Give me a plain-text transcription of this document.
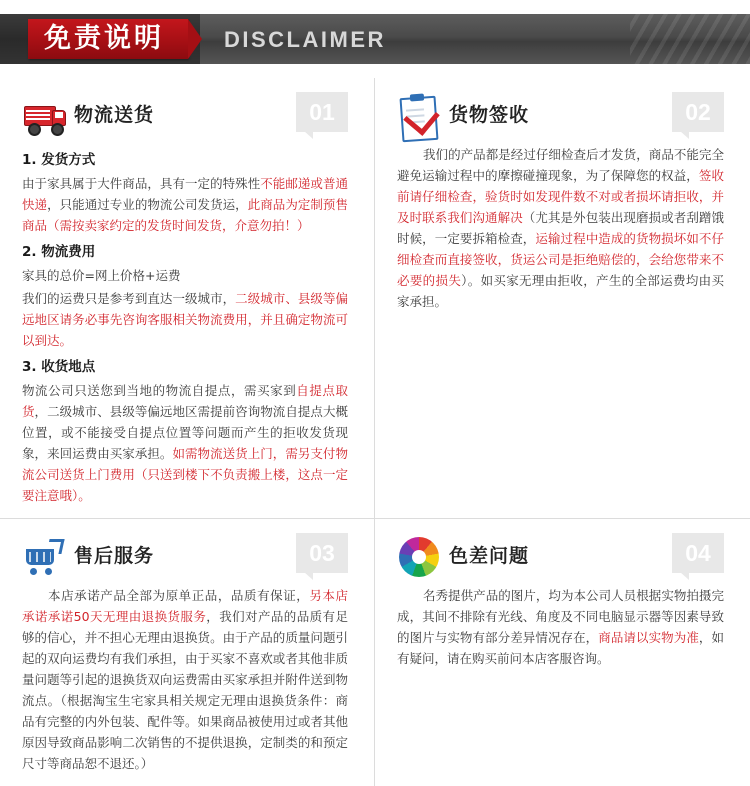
免责说明	DISCLAIMER
物流送货	01
1. 发货方式

由于家具属于大件商品，具有一定的特殊性不能邮递或普通快递，只能通过专业的物流公司发货运，此商品为定制预售商品（需按卖家约定的发货时间发货，介意勿拍！）

2. 物流费用

家具的总价=网上价格+运费

我们的运费只是参考到直达一级城市，二级城市、县级等偏远地区请务必事先咨询客服相关物流费用，并且确定物流可以到达。

3. 收货地点

物流公司只送您到当地的物流自提点，需买家到自提点取货，二级城市、县级等偏远地区需提前咨询物流自提点大概位置，或不能接受自提点位置等问题而产生的拒收发货现象，来回运费由买家承担。如需物流送货上门，需另支付物流公司送货上门费用（只送到楼下不负责搬上楼，这点一定要注意哦）。

货物签收	02

我们的产品都是经过仔细检查后才发货，商品不能完全避免运输过程中的摩擦碰撞现象，为了保障您的权益，签收前请仔细检查，验货时如发现件数不对或者损坏请拒收，并及时联系我们沟通解决（尤其是外包装出现磨损或者刮蹭饿时候，一定要拆箱检查，运输过程中造成的货物损坏如不仔细检查而直接签收，货运公司是拒绝赔偿的，会给您带来不必要的损失）。如买家无理由拒收，产生的全部运费均由买家承担。

售后服务	03

本店承诺产品全部为原单正品，品质有保证，另本店承诺承诺50天无理由退换货服务，我们对产品的品质有足够的信心，并不担心无理由退换货。由于产品的质量问题引起的双向运费均有我们承担，由于买家不喜欢或者其他非质量问题等引起的退换货双向运费需由买家承担并附件送到物流点。（根据淘宝生宅家具相关规定无理由退换货条件：商品有完整的内外包装、配件等。如果商品被使用过或者其他原因导致商品影响二次销售的不提供退换，定制类的和预定尺寸等商品恕不退还。）

色差问题	04

名秀提供产品的图片，均为本公司人员根据实物拍摄完成，其间不排除有光线、角度及不同电脑显示器等因素导致的图片与实物有部分差异情况存在，商品请以实物为准，如有疑问，请在购买前问本店客服咨询。
